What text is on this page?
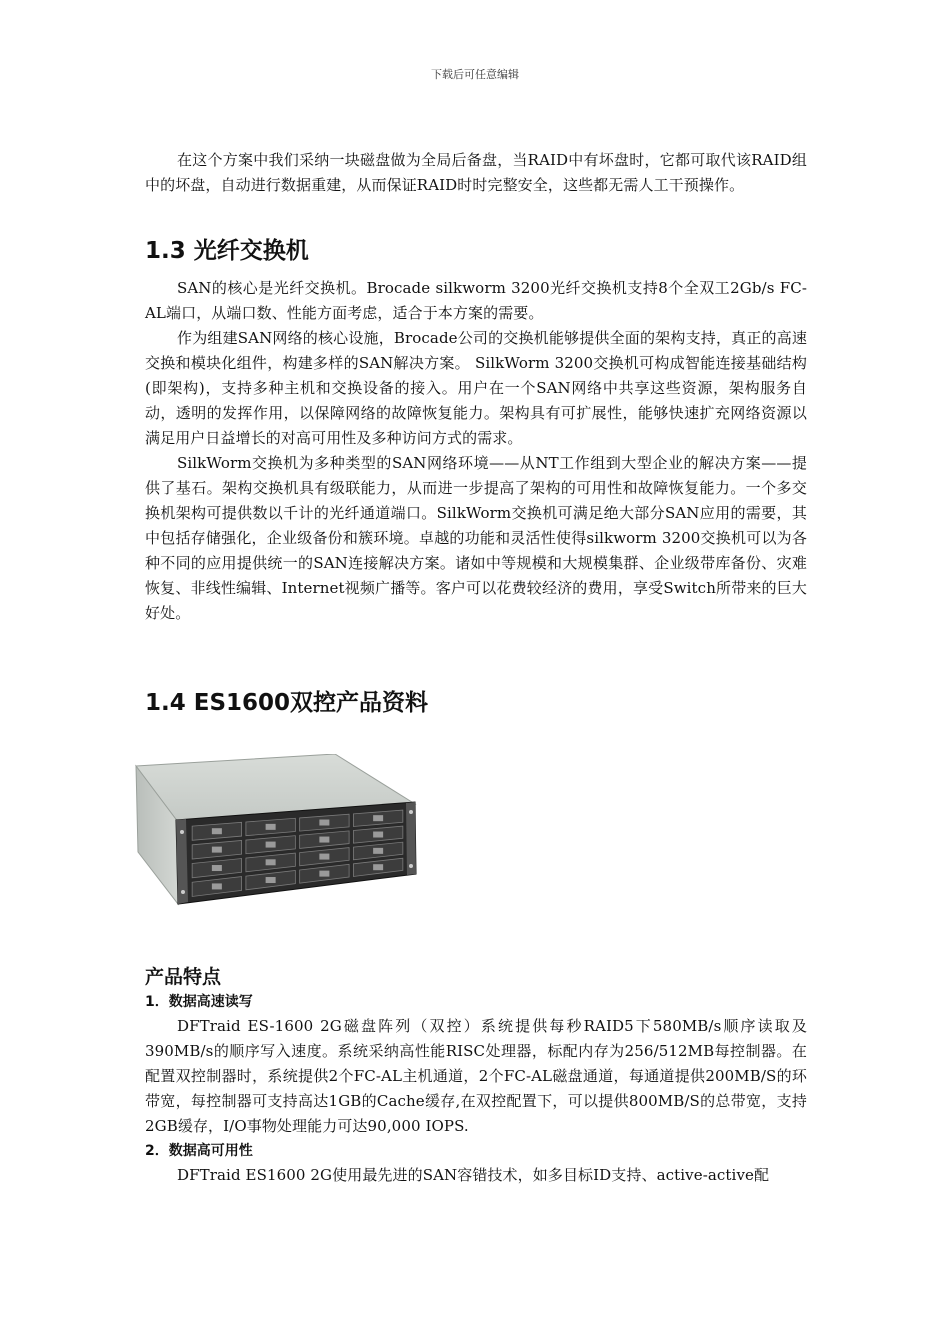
下载后可任意编辑

在这个方案中我们采纳一块磁盘做为全局后备盘，当RAID中有坏盘时，它都可取代该RAID组中的坏盘，自动进行数据重建，从而保证RAID时时完整安全，这些都无需人工干预操作。

1.3 光纤交换机

SAN的核心是光纤交换机。Brocade silkworm 3200光纤交换机支持8个全双工2Gb/s FC-AL端口，从端口数、性能方面考虑，适合于本方案的需要。

作为组建SAN网络的核心设施，Brocade公司的交换机能够提供全面的架构支持，真正的高速交换和模块化组件，构建多样的SAN解决方案。 SilkWorm 3200交换机可构成智能连接基础结构(即架构)，支持多种主机和交换设备的接入。用户在一个SAN网络中共享这些资源，架构服务自动，透明的发挥作用，以保障网络的故障恢复能力。架构具有可扩展性，能够快速扩充网络资源以满足用户日益增长的对高可用性及多种访问方式的需求。

SilkWorm交换机为多种类型的SAN网络环境——从NT工作组到大型企业的解决方案——提供了基石。架构交换机具有级联能力，从而进一步提高了架构的可用性和故障恢复能力。一个多交换机架构可提供数以千计的光纤通道端口。SilkWorm交换机可满足绝大部分SAN应用的需要，其中包括存储强化，企业级备份和簇环境。卓越的功能和灵活性使得silkworm 3200交换机可以为各种不同的应用提供统一的SAN连接解决方案。诸如中等规模和大规模集群、企业级带库备份、灾难恢复、非线性编辑、Internet视频广播等。客户可以花费较经济的费用，享受Switch所带来的巨大好处。

1.4 ES1600双控产品资料
产品特点
1．数据高速读写

DFTraid ES-1600 2G磁盘阵列（双控）系统提供每秒RAID5下580MB/s顺序读取及390MB/s的顺序写入速度。系统采纳高性能RISC处理器，标配内存为256/512MB每控制器。在配置双控制器时，系统提供2个FC-AL主机通道，2个FC-AL磁盘通道，每通道提供200MB/S的环带宽，每控制器可支持高达1GB的Cache缓存,在双控配置下，可以提供800MB/S的总带宽，支持2GB缓存，I/O事物处理能力可达90,000 IOPS.

2．数据高可用性

DFTraid ES1600 2G使用最先进的SAN容错技术，如多目标ID支持、active-active配
